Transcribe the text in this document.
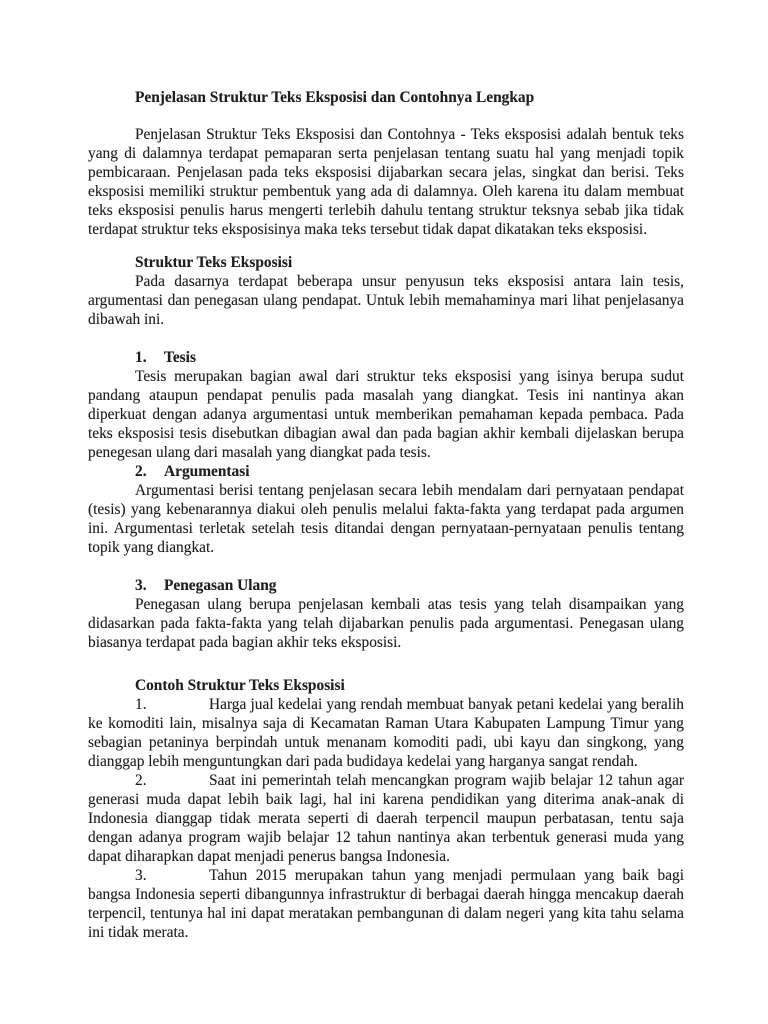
Penjelasan Struktur Teks Eksposisi dan Contohnya Lengkap

Penjelasan Struktur Teks Eksposisi dan Contohnya - Teks eksposisi adalah bentuk teks yang di dalamnya terdapat pemaparan serta penjelasan tentang suatu hal yang menjadi topik pembicaraan. Penjelasan pada teks eksposisi dijabarkan secara jelas, singkat dan berisi. Teks eksposisi memiliki struktur pembentuk yang ada di dalamnya. Oleh karena itu dalam membuat teks eksposisi penulis harus mengerti terlebih dahulu tentang struktur teksnya sebab jika tidak terdapat struktur teks eksposisinya maka teks tersebut tidak dapat dikatakan teks eksposisi.

Struktur Teks Eksposisi

Pada dasarnya terdapat beberapa unsur penyusun teks eksposisi antara lain tesis, argumentasi dan penegasan ulang pendapat. Untuk lebih memahaminya mari lihat penjelasanya dibawah ini.

1. Tesis

Tesis merupakan bagian awal dari struktur teks eksposisi yang isinya berupa sudut pandang ataupun pendapat penulis pada masalah yang diangkat. Tesis ini nantinya akan diperkuat dengan adanya argumentasi untuk memberikan pemahaman kepada pembaca. Pada teks eksposisi tesis disebutkan dibagian awal dan pada bagian akhir kembali dijelaskan berupa penegesan ulang dari masalah yang diangkat pada tesis.

2. Argumentasi

Argumentasi berisi tentang penjelasan secara lebih mendalam dari pernyataan pendapat (tesis) yang kebenarannya diakui oleh penulis melalui fakta-fakta yang terdapat pada argumen ini. Argumentasi terletak setelah tesis ditandai dengan pernyataan-pernyataan penulis tentang topik yang diangkat.

3. Penegasan Ulang

Penegasan ulang berupa penjelasan kembali atas tesis yang telah disampaikan yang didasarkan pada fakta-fakta yang telah dijabarkan penulis pada argumentasi. Penegasan ulang biasanya terdapat pada bagian akhir teks eksposisi.

Contoh Struktur Teks Eksposisi

1.	Harga jual kedelai yang rendah membuat banyak petani kedelai yang beralih ke komoditi lain, misalnya saja di Kecamatan Raman Utara Kabupaten Lampung Timur yang sebagian petaninya berpindah untuk menanam komoditi padi, ubi kayu dan singkong, yang dianggap lebih menguntungkan dari pada budidaya kedelai yang harganya sangat rendah.

2.	Saat ini pemerintah telah mencangkan program wajib belajar 12 tahun agar generasi muda dapat lebih baik lagi, hal ini karena pendidikan yang diterima anak-anak di Indonesia dianggap tidak merata seperti di daerah terpencil maupun perbatasan, tentu saja dengan adanya program wajib belajar 12 tahun nantinya akan terbentuk generasi muda yang dapat diharapkan dapat menjadi penerus bangsa Indonesia.

3.	Tahun 2015 merupakan tahun yang menjadi permulaan yang baik bagi bangsa Indonesia seperti dibangunnya infrastruktur di berbagai daerah hingga mencakup daerah terpencil, tentunya hal ini dapat meratakan pembangunan di dalam negeri yang kita tahu selama ini tidak merata.
